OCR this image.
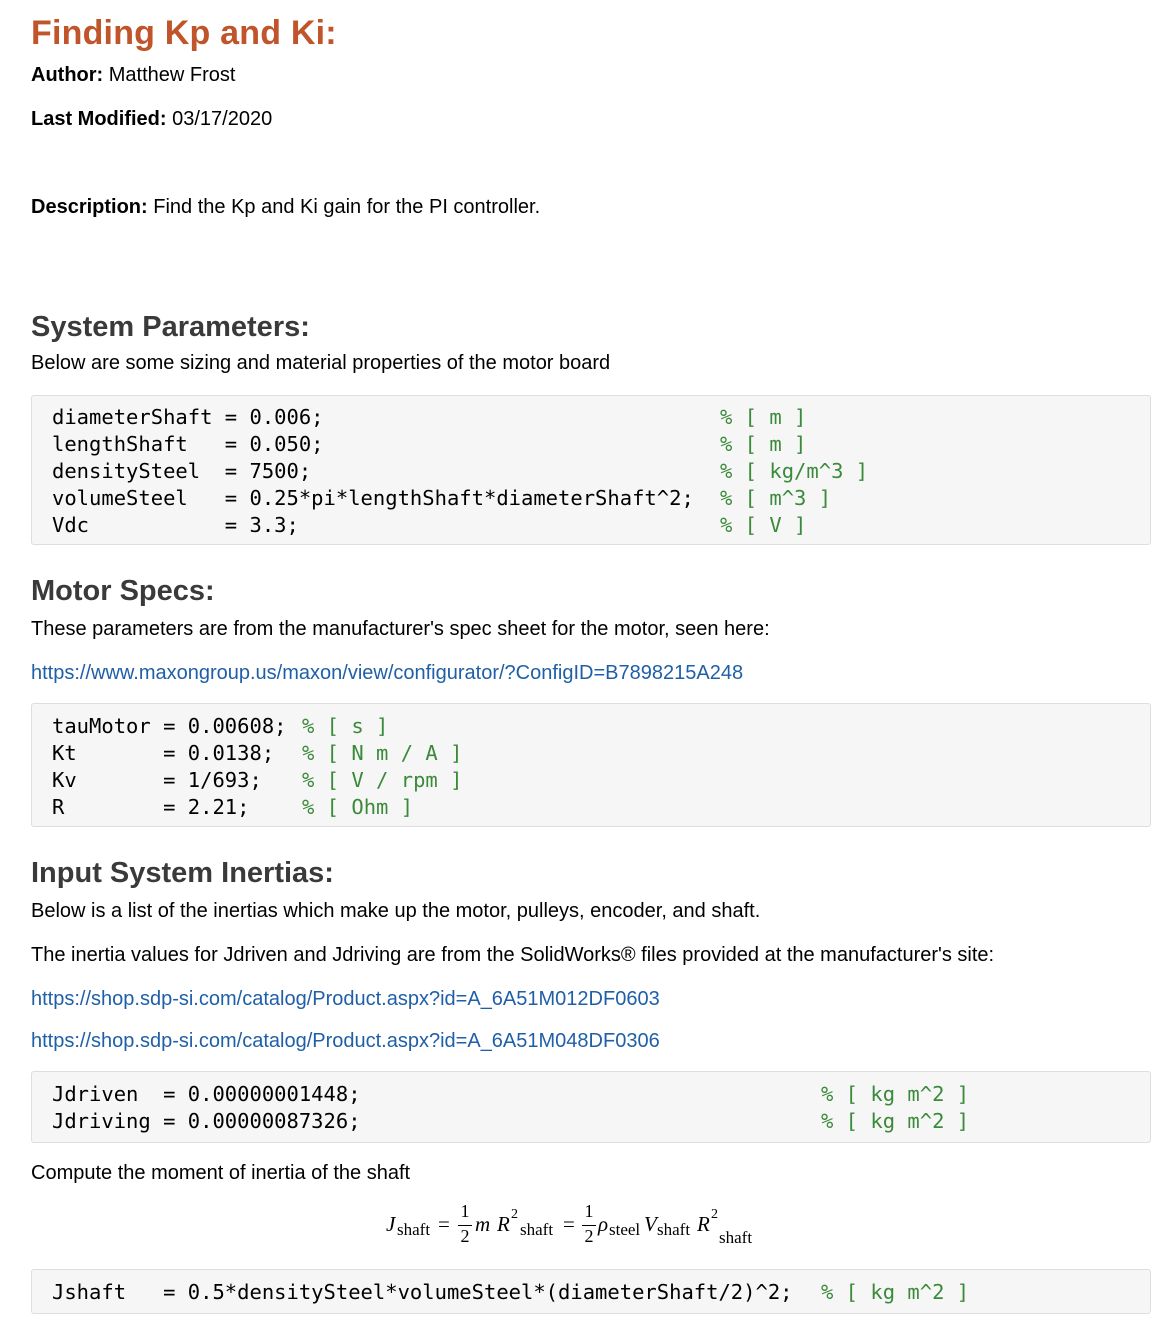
Finding Kp and Ki:
Author: Matthew Frost
Last Modified: 03/17/2020
Description: Find the Kp and Ki gain for the PI controller.
System Parameters:
Below are some sizing and material properties of the motor board
diameterShaft = 0.006;	% [ m ]
lengthShaft   = 0.050;	% [ m ]
densitySteel  = 7500;	% [ kg/m^3 ]
volumeSteel   = 0.25*pi*lengthShaft*diameterShaft^2; % [ m^3 ]
Vdc           = 3.3;	% [ V ]
Motor Specs:
These parameters are from the manufacturer's spec sheet for the motor, seen here:
https://www.maxongroup.us/maxon/view/configurator/?ConfigID=B7898215A248
tauMotor = 0.00608; % [ s ]
Kt       = 0.0138; % [ N m / A ]
Kv       = 1/693; % [ V / rpm ]
R        = 2.21;	% [ Ohm ]
Input System Inertias:
Below is a list of the inertias which make up the motor, pulleys, encoder, and shaft.
The inertia values for Jdriven and Jdriving are from the SolidWorks® files provided at the manufacturer's site:
https://shop.sdp-si.com/catalog/Product.aspx?id=A_6A51M012DF0603
https://shop.sdp-si.com/catalog/Product.aspx?id=A_6A51M048DF0306
Jdriven  = 0.00000001448;	% [ kg m^2 ]
Jdriving = 0.00000087326;	% [ kg m^2 ]
Compute the moment of inertia of the shaft
J shaft =
1
2 m R 2
shaft =
1
2 ρ steel V shaft R 2
shaft
Jshaft   = 0.5*densitySteel*volumeSteel*(diameterShaft/2)^2; % [ kg m^2 ]
